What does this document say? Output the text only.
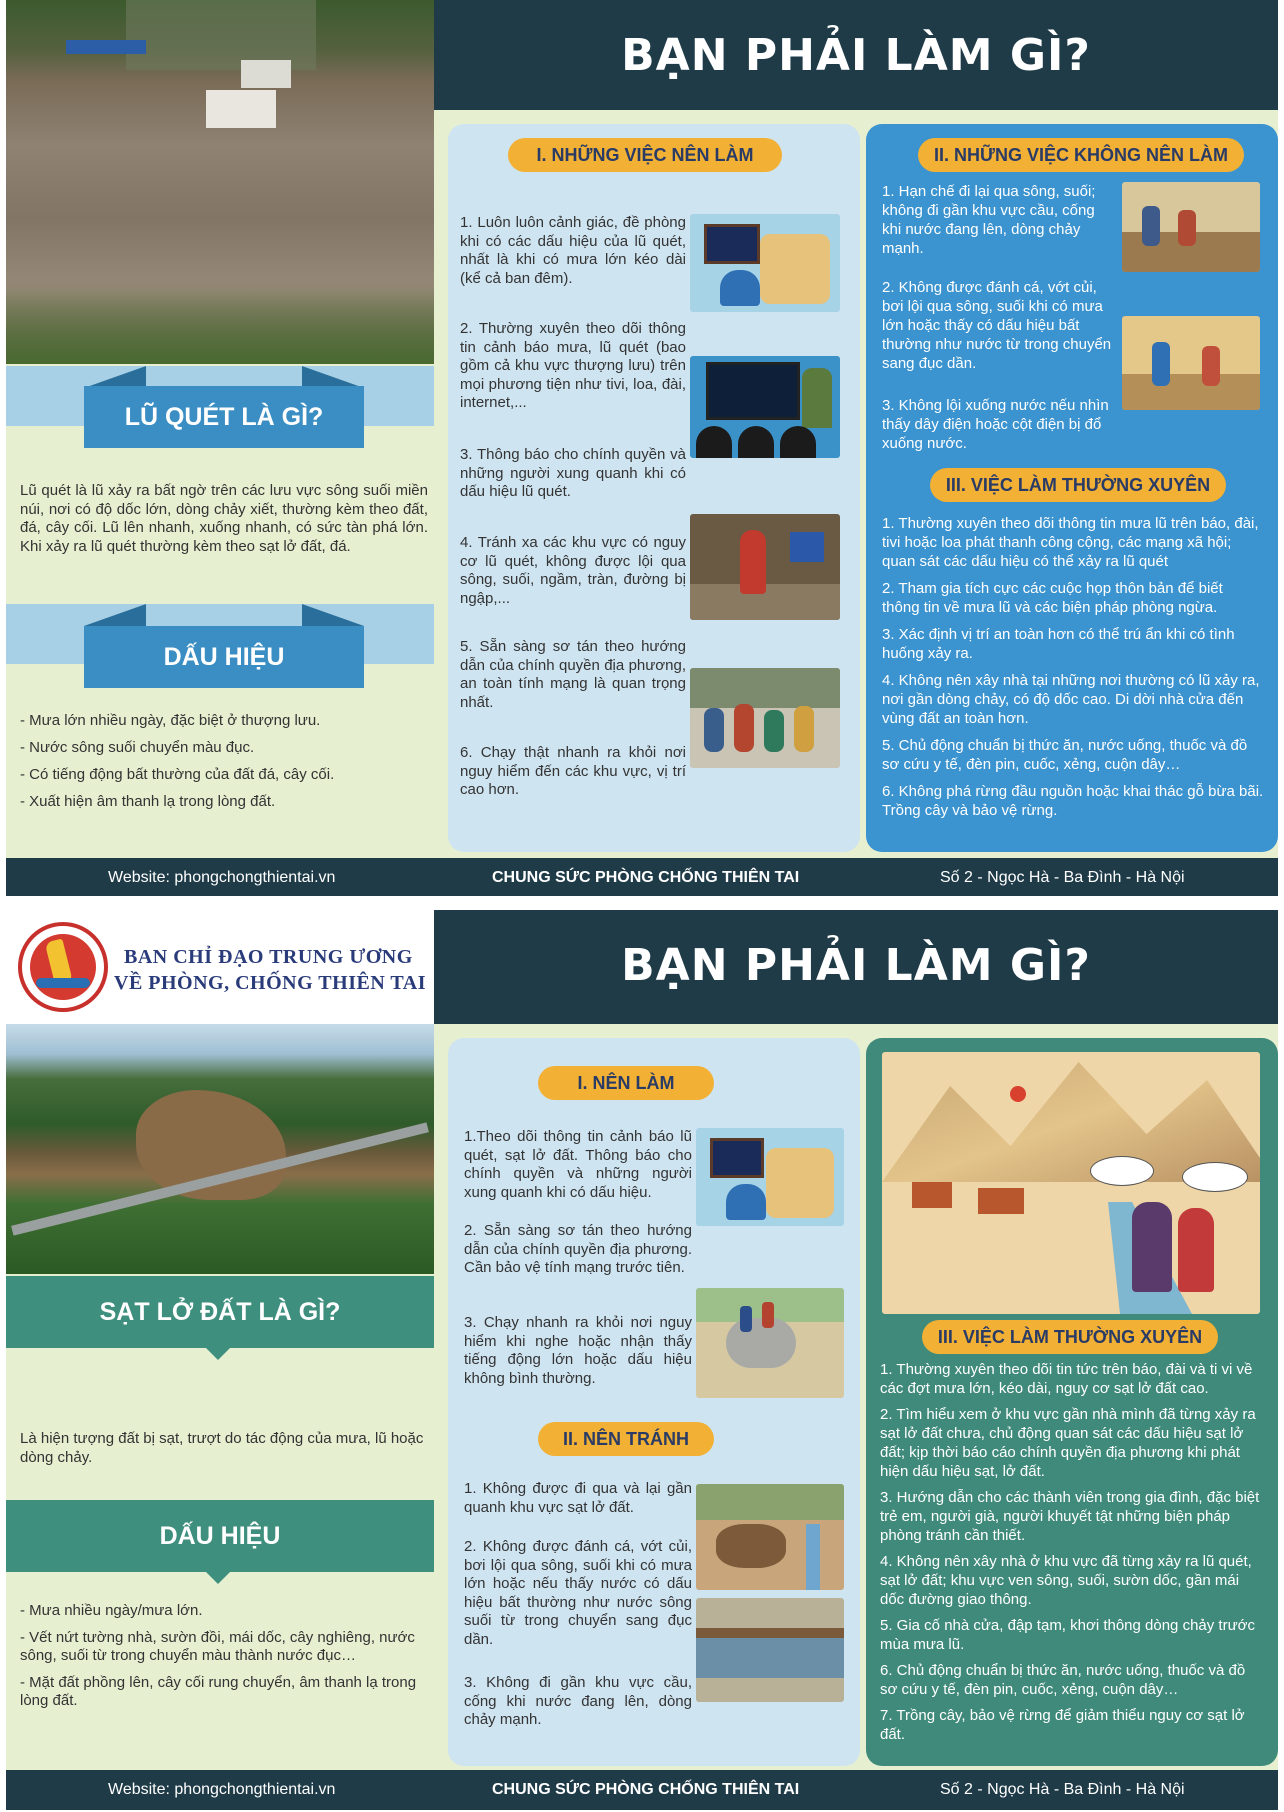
LŨ QUÉT LÀ GÌ?
Lũ quét là lũ xảy ra bất ngờ trên các lưu vực sông suối miền núi, nơi có độ dốc lớn, dòng chảy xiết, thường kèm theo đất, đá, cây cối. Lũ lên nhanh, xuống nhanh, có sức tàn phá lớn. Khi xảy ra lũ quét thường kèm theo sạt lở đất, đá.
DẤU HIỆU
- Mưa lớn nhiều ngày, đặc biệt ở thượng lưu.
- Nước sông suối chuyển màu đục.
- Có tiếng động bất thường của đất đá, cây cối.
- Xuất hiện âm thanh lạ trong lòng đất.
BẠN PHẢI LÀM GÌ?
I. NHỮNG VIỆC NÊN LÀM
1. Luôn luôn cảnh giác, đề phòng khi có các dấu hiệu của lũ quét, nhất là khi có mưa lớn kéo dài (kể cả ban đêm).
2. Thường xuyên theo dõi thông tin cảnh báo mưa, lũ quét (bao gồm cả khu vực thượng lưu) trên mọi phương tiện như tivi, loa, đài, internet,...
3. Thông báo cho chính quyền và những người xung quanh khi có dấu hiệu lũ quét.
4. Tránh xa các khu vực có nguy cơ lũ quét, không được lội qua sông, suối, ngầm, tràn, đường bị ngập,...
5. Sẵn sàng sơ tán theo hướng dẫn của chính quyền địa phương, an toàn tính mạng là quan trọng nhất.
6. Chạy thật nhanh ra khỏi nơi nguy hiểm đến các khu vực, vị trí cao hơn.
II. NHỮNG VIỆC KHÔNG NÊN LÀM
1. Hạn chế đi lại qua sông, suối; không đi gần khu vực cầu, cống khi nước đang lên, dòng chảy mạnh.
2. Không được đánh cá, vớt củi, bơi lội qua sông, suối khi có mưa lớn hoặc thấy có dấu hiệu bất thường như nước từ trong chuyển sang đục dần.
3. Không lội xuống nước nếu nhìn thấy dây điện hoặc cột điện bị đổ xuống nước.
III. VIỆC LÀM THƯỜNG XUYÊN
1. Thường xuyên theo dõi thông tin mưa lũ trên báo, đài, tivi hoặc loa phát thanh công cộng, các mạng xã hội; quan sát các dấu hiệu có thể xảy ra lũ quét
2. Tham gia tích cực các cuộc họp thôn bản để biết thông tin về mưa lũ và các biện pháp phòng ngừa.
3. Xác định vị trí an toàn hơn có thể trú ẩn khi có tình huống xảy ra.
4. Không nên xây nhà tại những nơi thường có lũ xảy ra, nơi gần dòng chảy, có độ dốc cao. Di dời nhà cửa đến vùng đất an toàn hơn.
5. Chủ động chuẩn bị thức ăn, nước uống, thuốc và đồ sơ cứu y tế, đèn pin, cuốc, xẻng, cuộn dây…
6. Không phá rừng đầu nguồn hoặc khai thác gỗ bừa bãi. Trồng cây và bảo vệ rừng.
Website: phongchongthientai.vn	CHUNG SỨC PHÒNG CHỐNG THIÊN TAI	Số 2 - Ngọc Hà - Ba Đình - Hà Nội
BAN CHỈ ĐẠO TRUNG ƯƠNG
VỀ PHÒNG, CHỐNG THIÊN TAI
SẠT LỞ ĐẤT LÀ GÌ?
Là hiện tượng đất bị sạt, trượt do tác động của mưa, lũ hoặc dòng chảy.
DẤU HIỆU
- Mưa nhiều ngày/mưa lớn.
- Vết nứt tường nhà, sườn đồi, mái dốc, cây nghiêng, nước sông, suối từ trong chuyển màu thành nước đục…
- Mặt đất phồng lên, cây cối rung chuyển, âm thanh lạ trong lòng đất.
BẠN PHẢI LÀM GÌ?
I. NÊN LÀM
1.Theo dõi thông tin cảnh báo lũ quét, sạt lở đất. Thông báo cho chính quyền và những người xung quanh khi có dấu hiệu.
2. Sẵn sàng sơ tán theo hướng dẫn của chính quyền địa phương. Cần bảo vệ tính mạng trước tiên.
3. Chạy nhanh ra khỏi nơi nguy hiểm khi nghe hoặc nhận thấy tiếng động lớn hoặc dấu hiệu không bình thường.
II. NÊN TRÁNH
1. Không được đi qua và lại gần quanh khu vực sạt lở đất.
2. Không được đánh cá, vớt củi, bơi lội qua sông, suối khi có mưa lớn hoặc nếu thấy nước có dấu hiệu bất thường như nước sông suối từ trong chuyển sang đục dần.
3. Không đi gần khu vực cầu, cống khi nước đang lên, dòng chảy mạnh.
III. VIỆC LÀM THƯỜNG XUYÊN
1. Thường xuyên theo dõi tin tức trên báo, đài và ti vi về các đợt mưa lớn, kéo dài, nguy cơ sạt lở đất cao.
2. Tìm hiểu xem ở khu vực gần nhà mình đã từng xảy ra sạt lở đất chưa, chủ động quan sát các dấu hiệu sạt lở đất; kịp thời báo cáo chính quyền địa phương khi phát hiện dấu hiệu sạt, lở đất.
3. Hướng dẫn cho các thành viên trong gia đình, đặc biệt trẻ em, người già, người khuyết tật những biện pháp phòng tránh cần thiết.
4. Không nên xây nhà ở khu vực đã từng xảy ra lũ quét, sạt lở đất; khu vực ven sông, suối, sườn dốc, gần mái dốc đường giao thông.
5. Gia cố nhà cửa, đập tạm, khơi thông dòng chảy trước mùa mưa lũ.
6. Chủ động chuẩn bị thức ăn, nước uống, thuốc và đồ sơ cứu y tế, đèn pin, cuốc, xẻng, cuộn dây…
7. Trồng cây, bảo vệ rừng để giảm thiểu nguy cơ sạt lở đất.
Website: phongchongthientai.vn	CHUNG SỨC PHÒNG CHỐNG THIÊN TAI	Số 2 - Ngọc Hà - Ba Đình - Hà Nội
